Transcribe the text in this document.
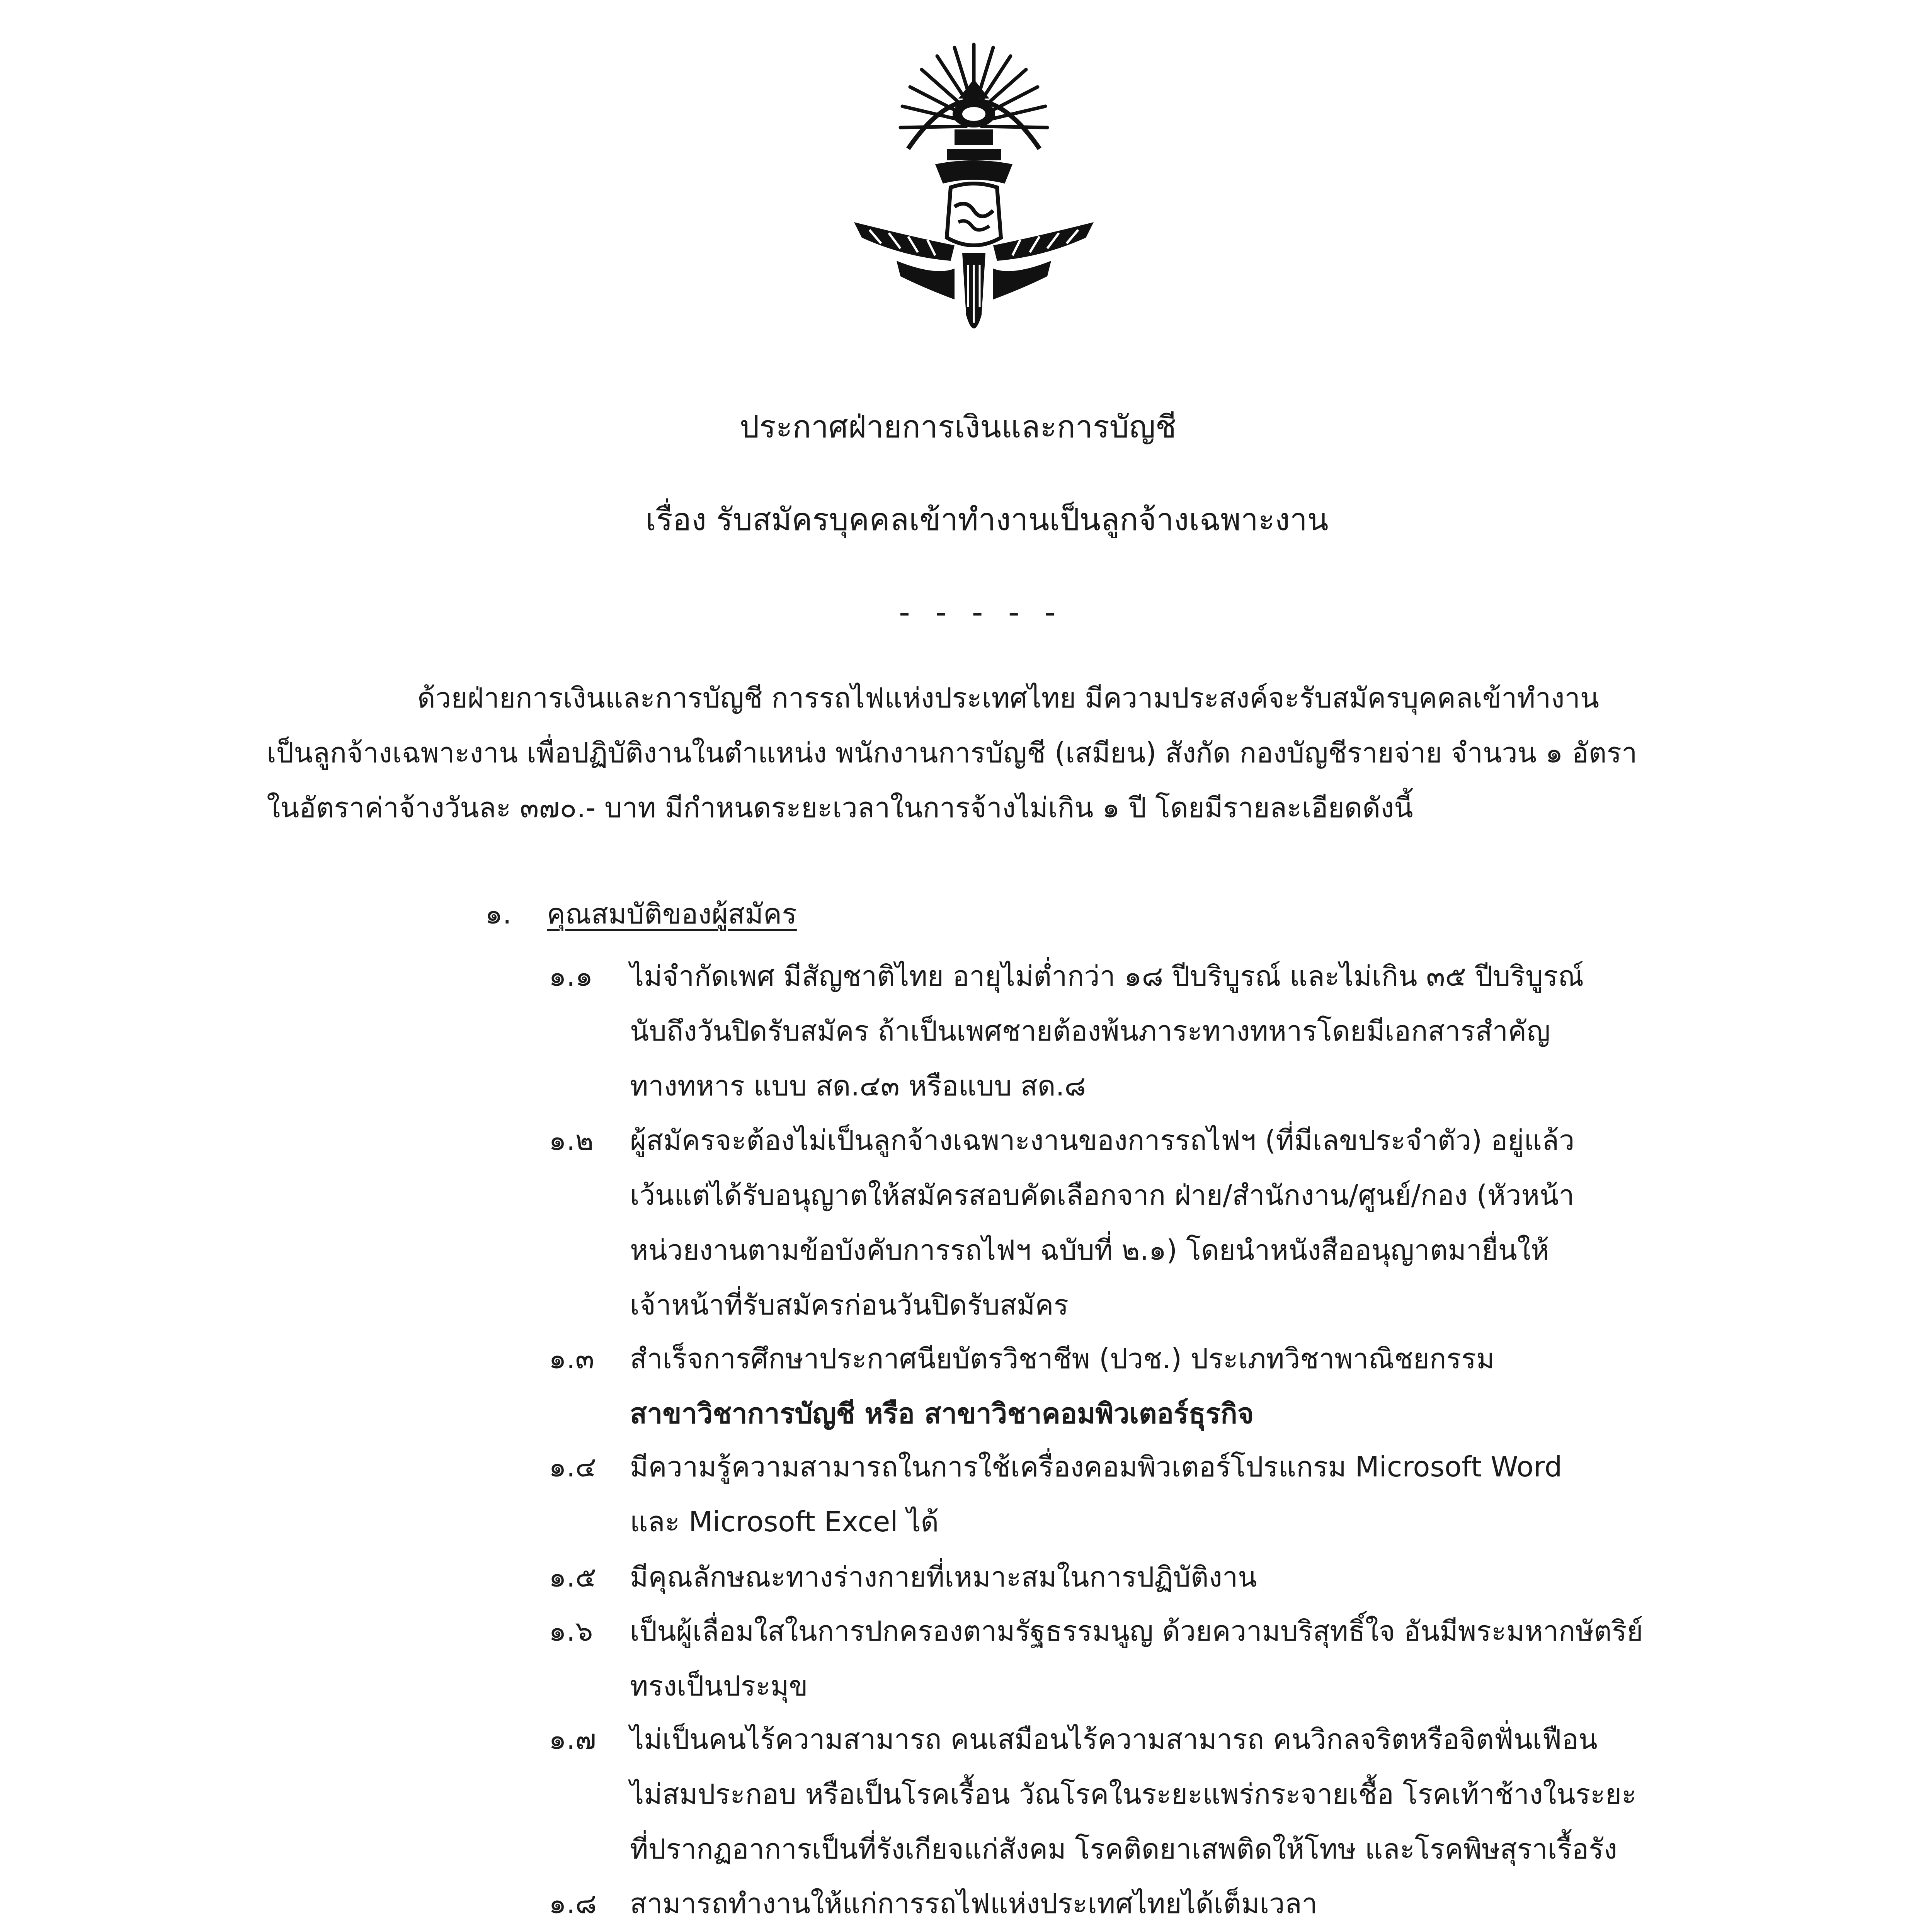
ประกาศฝ่ายการเงินและการบัญชี
เรื่อง รับสมัครบุคคลเข้าทำงานเป็นลูกจ้างเฉพาะงาน
- - - - -
ด้วยฝ่ายการเงินและการบัญชี การรถไฟแห่งประเทศไทย มีความประสงค์จะรับสมัครบุคคลเข้าทำงาน
เป็นลูกจ้างเฉพาะงาน เพื่อปฏิบัติงานในตำแหน่ง พนักงานการบัญชี (เสมียน) สังกัด กองบัญชีรายจ่าย จำนวน ๑ อัตรา
ในอัตราค่าจ้างวันละ ๓๗๐.- บาท มีกำหนดระยะเวลาในการจ้างไม่เกิน ๑ ปี โดยมีรายละเอียดดังนี้
๑. คุณสมบัติของผู้สมัคร
๑.๑ ไม่จำกัดเพศ มีสัญชาติไทย อายุไม่ต่ำกว่า ๑๘ ปีบริบูรณ์ และไม่เกิน ๓๕ ปีบริบูรณ์
นับถึงวันปิดรับสมัคร ถ้าเป็นเพศชายต้องพ้นภาระทางทหารโดยมีเอกสารสำคัญ
ทางทหาร แบบ สด.๔๓ หรือแบบ สด.๘
๑.๒ ผู้สมัครจะต้องไม่เป็นลูกจ้างเฉพาะงานของการรถไฟฯ (ที่มีเลขประจำตัว) อยู่แล้ว
เว้นแต่ได้รับอนุญาตให้สมัครสอบคัดเลือกจาก ฝ่าย/สำนักงาน/ศูนย์/กอง (หัวหน้า
หน่วยงานตามข้อบังคับการรถไฟฯ ฉบับที่ ๒.๑) โดยนำหนังสืออนุญาตมายื่นให้
เจ้าหน้าที่รับสมัครก่อนวันปิดรับสมัคร
๑.๓ สำเร็จการศึกษาประกาศนียบัตรวิชาชีพ (ปวช.) ประเภทวิชาพาณิชยกรรม
สาขาวิชาการบัญชี หรือ สาขาวิชาคอมพิวเตอร์ธุรกิจ
๑.๔ มีความรู้ความสามารถในการใช้เครื่องคอมพิวเตอร์โปรแกรม Microsoft Word
และ Microsoft Excel ได้
๑.๕ มีคุณลักษณะทางร่างกายที่เหมาะสมในการปฏิบัติงาน
๑.๖ เป็นผู้เลื่อมใสในการปกครองตามรัฐธรรมนูญ ด้วยความบริสุทธิ์ใจ อันมีพระมหากษัตริย์
ทรงเป็นประมุข
๑.๗ ไม่เป็นคนไร้ความสามารถ คนเสมือนไร้ความสามารถ คนวิกลจริตหรือจิตฟั่นเฟือน
ไม่สมประกอบ หรือเป็นโรคเรื้อน วัณโรคในระยะแพร่กระจายเชื้อ โรคเท้าช้างในระยะ
ที่ปรากฏอาการเป็นที่รังเกียจแก่สังคม โรคติดยาเสพติดให้โทษ และโรคพิษสุราเรื้อรัง
๑.๘ สามารถทำงานให้แก่การรถไฟแห่งประเทศไทยได้เต็มเวลา
